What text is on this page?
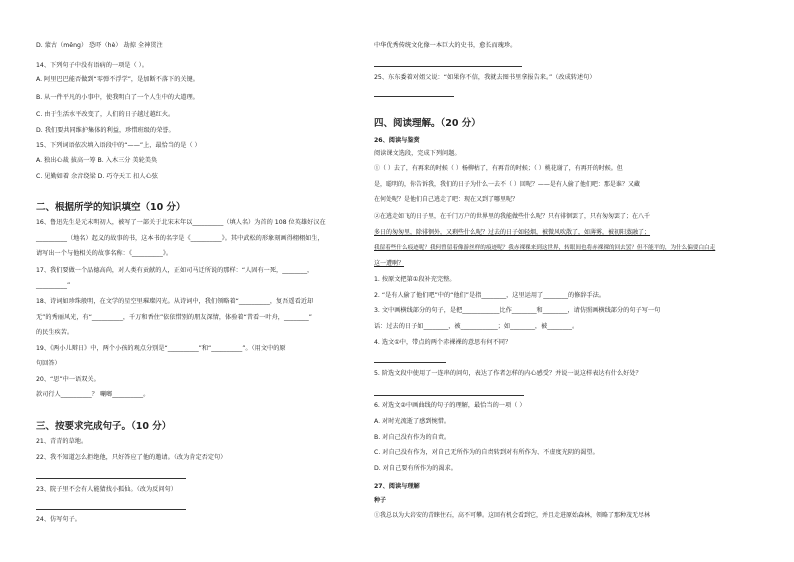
D. 蒙古（měng） 恐吓（hè） 劫掠 全神贯注
14、下列句子中没有语病的一项是（ ）。
A. 阿里巴巴能否做到“零弹不浮学”，是加断不落下的关键。
B. 从一件平凡的小事中，使我明白了一个人生中的大道理。
C. 由于生活水平改变了，人们的日子越过越红火。
D. 我们要共同维护集体的利益，珍惜班级的荣誉。
15、下列词语依次填入语段中的“——”上，最恰当的是（ ）
A. 独出心裁 拔高一筹 B. 入木三分 美轮美奂
C. 见勤如着 余音绕梁 D. 巧夺天工 扣人心弦
二、根据所学的知识填空（10 分）
16、鲁迅先生是元末明初人，被写了一部关于北宋末年以__________（填人名）为首的 108 位英雄好汉在
__________（地名）起义的故事的书，这本书的名字是《__________》。其中武松的形象刻画得栩栩如生，
请写出一个与他相关的故事名称：《__________》。
17、我们要做一个品德高尚，对人类有贡献的人，正如司马迁所说的那样：“人固有一死，________，
__________”
18、诗词如珍珠般明，在文学的星空里璀璨闪光。从诗词中，我们领略着“__________，复吾遥看近却
无”的秀丽风光，有“__________，千万和香住”依依惜别的朋友深情，体验着“昔看一叶舟，________”
的民生疾苦。
19、《两小儿辩日》中，两个小孩的观点分别是“__________”和“__________”。（用文中的原
句回答）
20、“思”中一语双关。
款司行人__________？ 唰啷__________。
三、按要求完成句子。（10 分）
21、青青的草地。
22、我不知道怎么拒绝他，只好答应了他的邀请。（改为肯定否定句）
23、院子里不会有人能猜找小狐仙。（改为反问句）
24、仿写句子。
中华优秀传统文化像一本巨大的史书，愈长而瑰珍。
25、东东委着对姐父说：“如果你不信，我就去图书里拿报告来。”（改成转述句）
四、阅读理解。（20 分）
26、阅读与鉴赏
阅读课文选段，完成下列问题。
①（ ）去了，有再来的时候（ ）杨柳枯了，有再青的时候；（ ）桃花谢了，有再开的时候。但
是，聪明的，你告诉我，我们的日子为什么一去不（ ）回呢？——是有人偷了他们吧：那是谁？又藏
在何处呢？是他们自己逃走了吧：现在又到了哪里呢？
②在逃走如飞的日子里，在千门万户的世界里的我能做些什么呢？只有徘徊罢了，只有匆匆罢了；在八千
多日的匆匆里，除徘徊外，又剩些什么呢？过去的日子如轻烟，被微风吹散了，如薄雾，被初阳蒸融了；
我留着些什么痕迹呢？我何曾留着像游丝样的痕迹呢？我赤裸裸来到这世界，转眼间也将赤裸裸的回去罢？但不能平的，为什么偏要白白走
这一遭啊？
1. 按原文把第①段补充完整。
2. “是有人偷了他们吧”中的“他们”是指________，这里运用了________的修辞手法。
3. 文中画横线部分的句子，是把____________比作________和________，请仿照画横线部分的句子写一句
话：过去的日子如________，被____________；如________，被________。
4. 选文①中，带点的两个赤裸裸的意思有何不同？
5. 阶选文段中使用了一连串的问句，表达了作者怎样的内心感受？并说一说这样表达有什么好处？
6. 对选文②中画曲线的句子的理解，最恰当的一项（ ）
A. 对时光流逝了感到惋惜。
B. 对自己没有作为的自责。
C. 对自己没有作为，对自己无所作为的自责转到对有所作为、不虚度光阴的渴望。
D. 对自己要有所作为的渴求。
27、阅读与理解
种子
①我总以为大岩安的青睐住石，高不可攀。这回有机会看到它，并且走进原始森林，领略了那种茂无尽林
